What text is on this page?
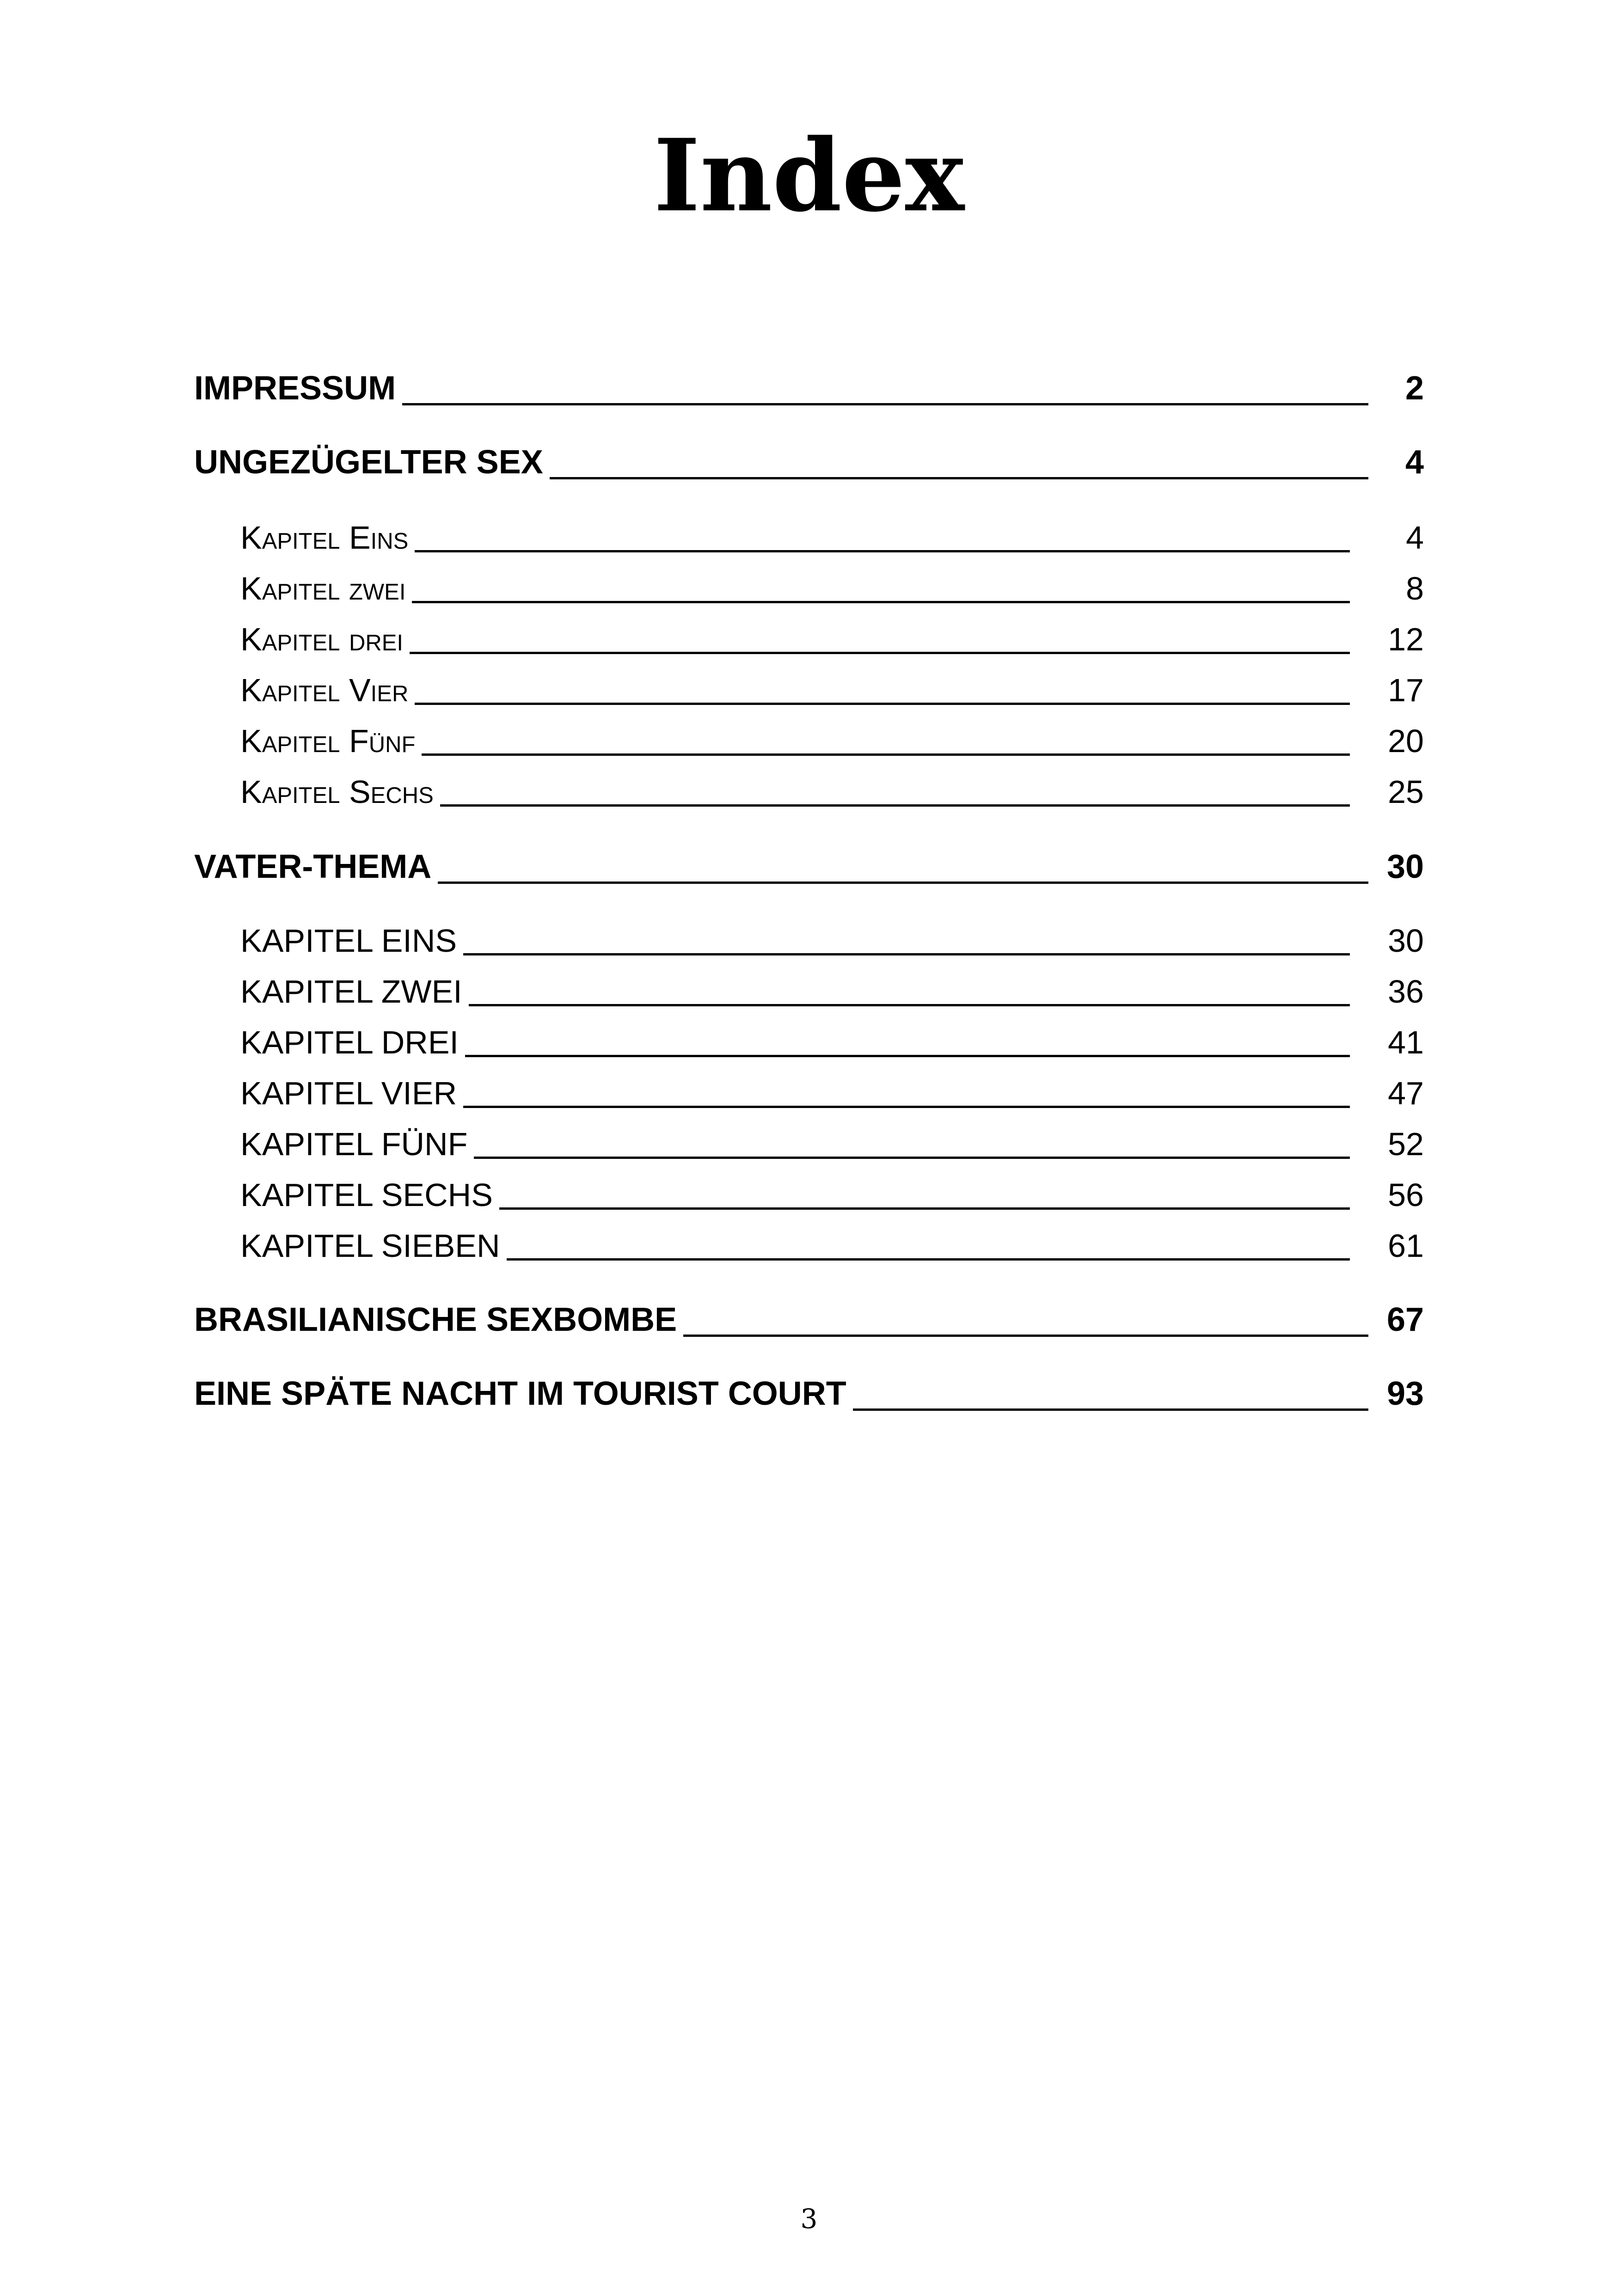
Index
IMPRESSUM	2
UNGEZÜGELTER SEX	4
Kapitel Eins	4
Kapitel zwei	8
Kapitel drei	12
Kapitel Vier	17
Kapitel Fünf	20
Kapitel Sechs	25
VATER-THEMA	30
KAPITEL EINS	30
KAPITEL ZWEI	36
KAPITEL DREI	41
KAPITEL VIER	47
KAPITEL FÜNF	52
KAPITEL SECHS	56
KAPITEL SIEBEN	61
BRASILIANISCHE SEXBOMBE	67
EINE SPÄTE NACHT IM TOURIST COURT	93
3
